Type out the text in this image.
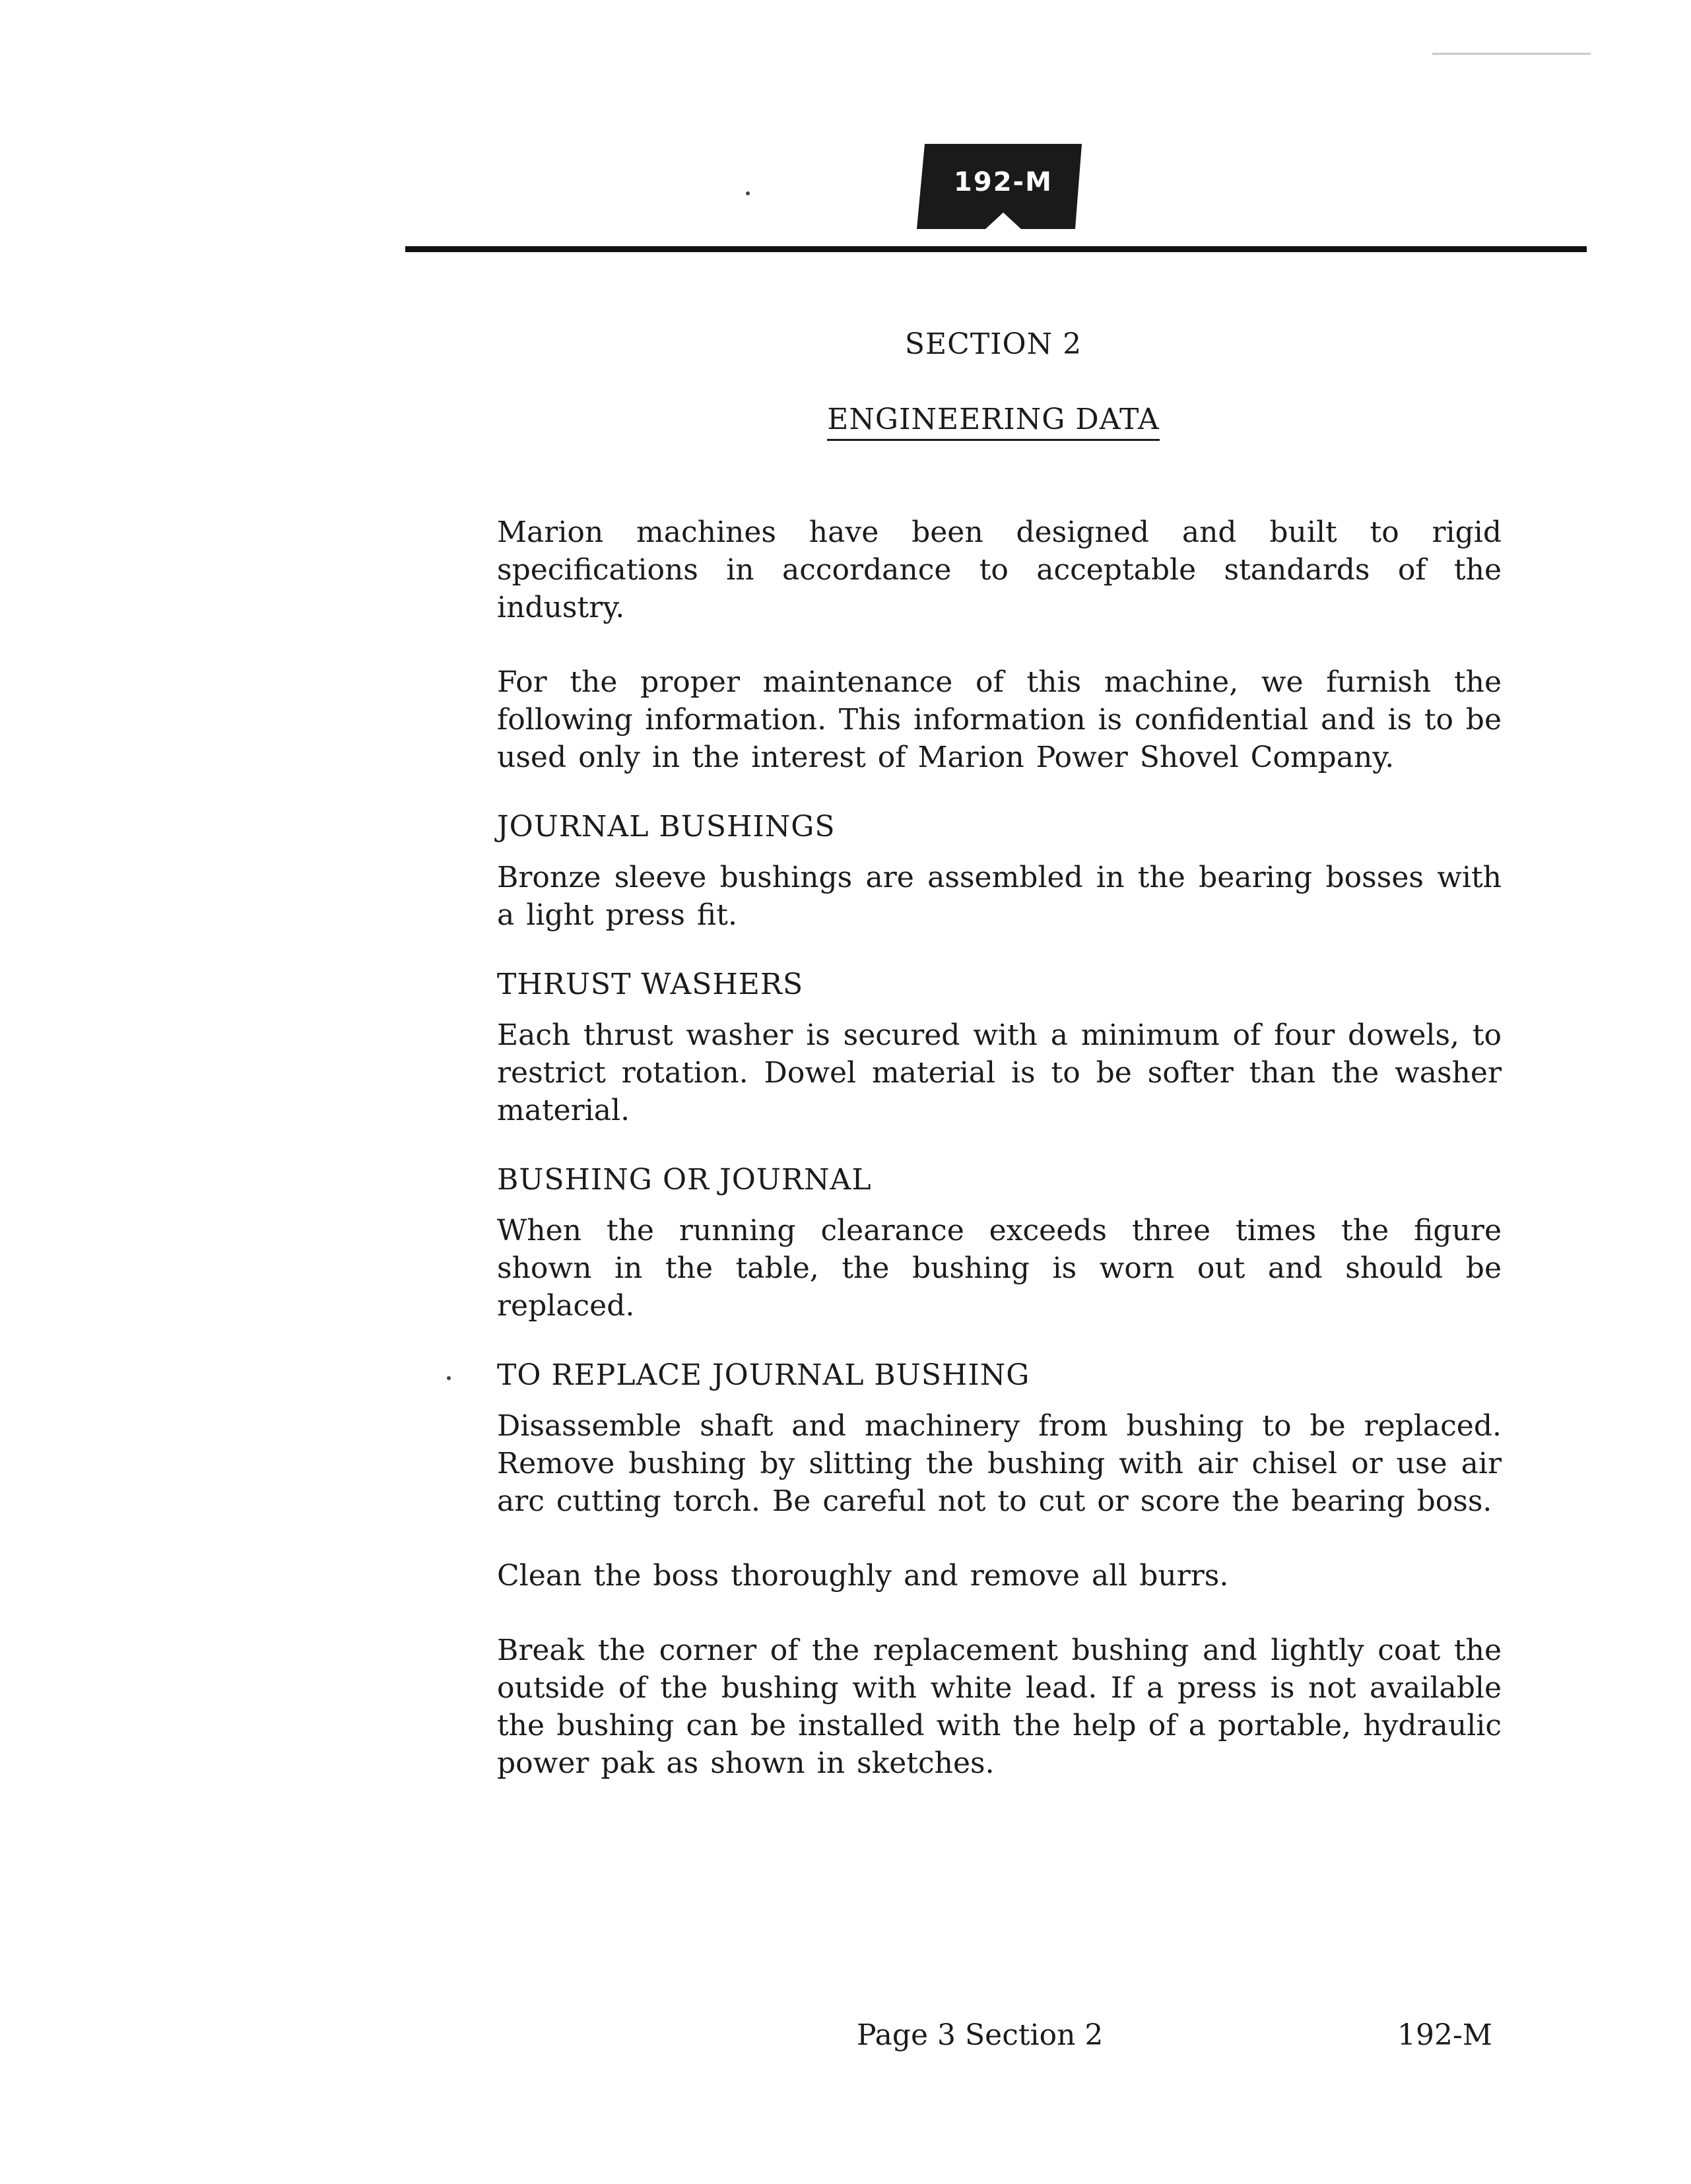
192-M
SECTION 2
ENGINEERING DATA

Marion machines have been designed and built to rigid specifications in accordance to acceptable standards of the industry.

For the proper maintenance of this machine, we furnish the following information. This information is confidential and is to be used only in the interest of Marion Power Shovel Company.

JOURNAL BUSHINGS

Bronze sleeve bushings are assembled in the bearing bosses with a light press fit.

THRUST WASHERS

Each thrust washer is secured with a minimum of four dowels, to restrict rotation. Dowel material is to be softer than the washer material.

BUSHING OR JOURNAL

When the running clearance exceeds three times the figure shown in the table, the bushing is worn out and should be replaced.

TO REPLACE JOURNAL BUSHING

Disassemble shaft and machinery from bushing to be replaced. Remove bushing by slitting the bushing with air chisel or use air arc cutting torch. Be careful not to cut or score the bearing boss.

Clean the boss thoroughly and remove all burrs.

Break the corner of the replacement bushing and lightly coat the outside of the bushing with white lead. If a press is not available the bushing can be installed with the help of a portable, hydraulic power pak as shown in sketches.

Page 3 Section 2	192-M
